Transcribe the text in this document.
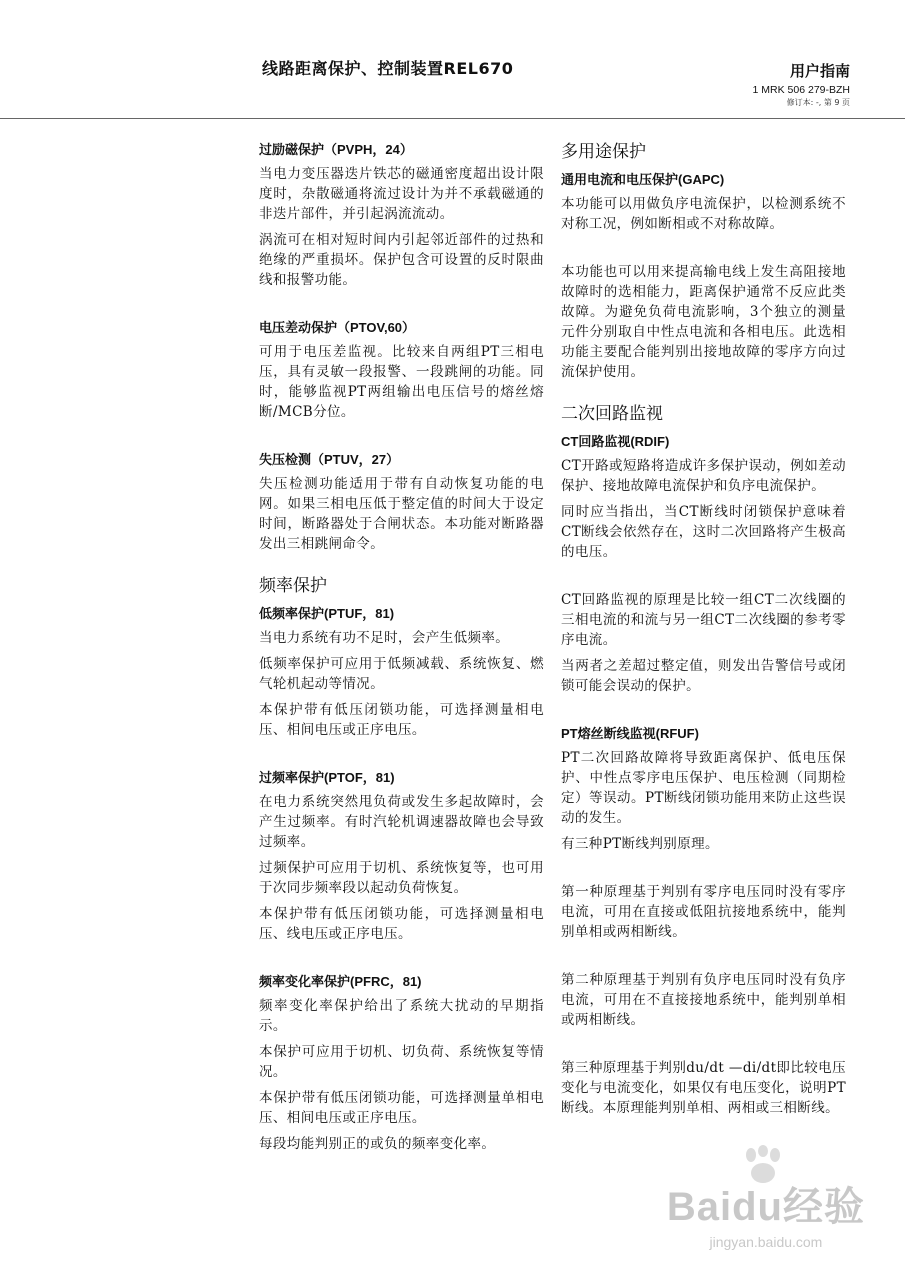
线路距离保护、控制装置REL670	用户指南
1 MRK 506 279-BZH
修订本: -, 第 9 页
过励磁保护（PVPH，24）

当电力变压器迭片铁芯的磁通密度超出设计限度时，杂散磁通将流过设计为并不承载磁通的非迭片部件，并引起涡流流动。

涡流可在相对短时间内引起邻近部件的过热和绝缘的严重损坏。保护包含可设置的反时限曲线和报警功能。

电压差动保护（PTOV,60）

可用于电压差监视。比较来自两组PT三相电压，具有灵敏一段报警、一段跳闸的功能。同时，能够监视PT两组输出电压信号的熔丝熔断/MCB分位。

失压检测（PTUV，27）

失压检测功能适用于带有自动恢复功能的电网。如果三相电压低于整定值的时间大于设定时间，断路器处于合闸状态。本功能对断路器发出三相跳闸命令。

频率保护
低频率保护(PTUF，81)

当电力系统有功不足时，会产生低频率。

低频率保护可应用于低频减载、系统恢复、燃气轮机起动等情况。

本保护带有低压闭锁功能，可选择测量相电压、相间电压或正序电压。

过频率保护(PTOF，81)

在电力系统突然甩负荷或发生多起故障时，会产生过频率。有时汽轮机调速器故障也会导致过频率。

过频保护可应用于切机、系统恢复等，也可用于次同步频率段以起动负荷恢复。

本保护带有低压闭锁功能，可选择测量相电压、线电压或正序电压。

频率变化率保护(PFRC，81)

频率变化率保护给出了系统大扰动的早期指示。

本保护可应用于切机、切负荷、系统恢复等情况。

本保护带有低压闭锁功能，可选择测量单相电压、相间电压或正序电压。

每段均能判别正的或负的频率变化率。

多用途保护
通用电流和电压保护(GAPC)

本功能可以用做负序电流保护，以检测系统不对称工况，例如断相或不对称故障。

本功能也可以用来提高输电线上发生高阻接地故障时的选相能力，距离保护通常不反应此类故障。为避免负荷电流影响，3个独立的测量元件分别取自中性点电流和各相电压。此选相功能主要配合能判别出接地故障的零序方向过流保护使用。

二次回路监视
CT回路监视(RDIF)

CT开路或短路将造成许多保护误动，例如差动保护、接地故障电流保护和负序电流保护。

同时应当指出，当CT断线时闭锁保护意味着CT断线会依然存在，这时二次回路将产生极高的电压。

CT回路监视的原理是比较一组CT二次线圈的三相电流的和流与另一组CT二次线圈的参考零序电流。

当两者之差超过整定值，则发出告警信号或闭锁可能会误动的保护。

PT熔丝断线监视(RFUF)

PT二次回路故障将导致距离保护、低电压保护、中性点零序电压保护、电压检测（同期检定）等误动。PT断线闭锁功能用来防止这些误动的发生。

有三种PT断线判别原理。

第一种原理基于判别有零序电压同时没有零序电流，可用在直接或低阻抗接地系统中，能判别单相或两相断线。

第二种原理基于判别有负序电压同时没有负序电流，可用在不直接接地系统中，能判别单相或两相断线。

第三种原理基于判别du/dt —di/dt即比较电压变化与电流变化，如果仅有电压变化，说明PT断线。本原理能判别单相、两相或三相断线。

Baidu经验
jingyan.baidu.com
